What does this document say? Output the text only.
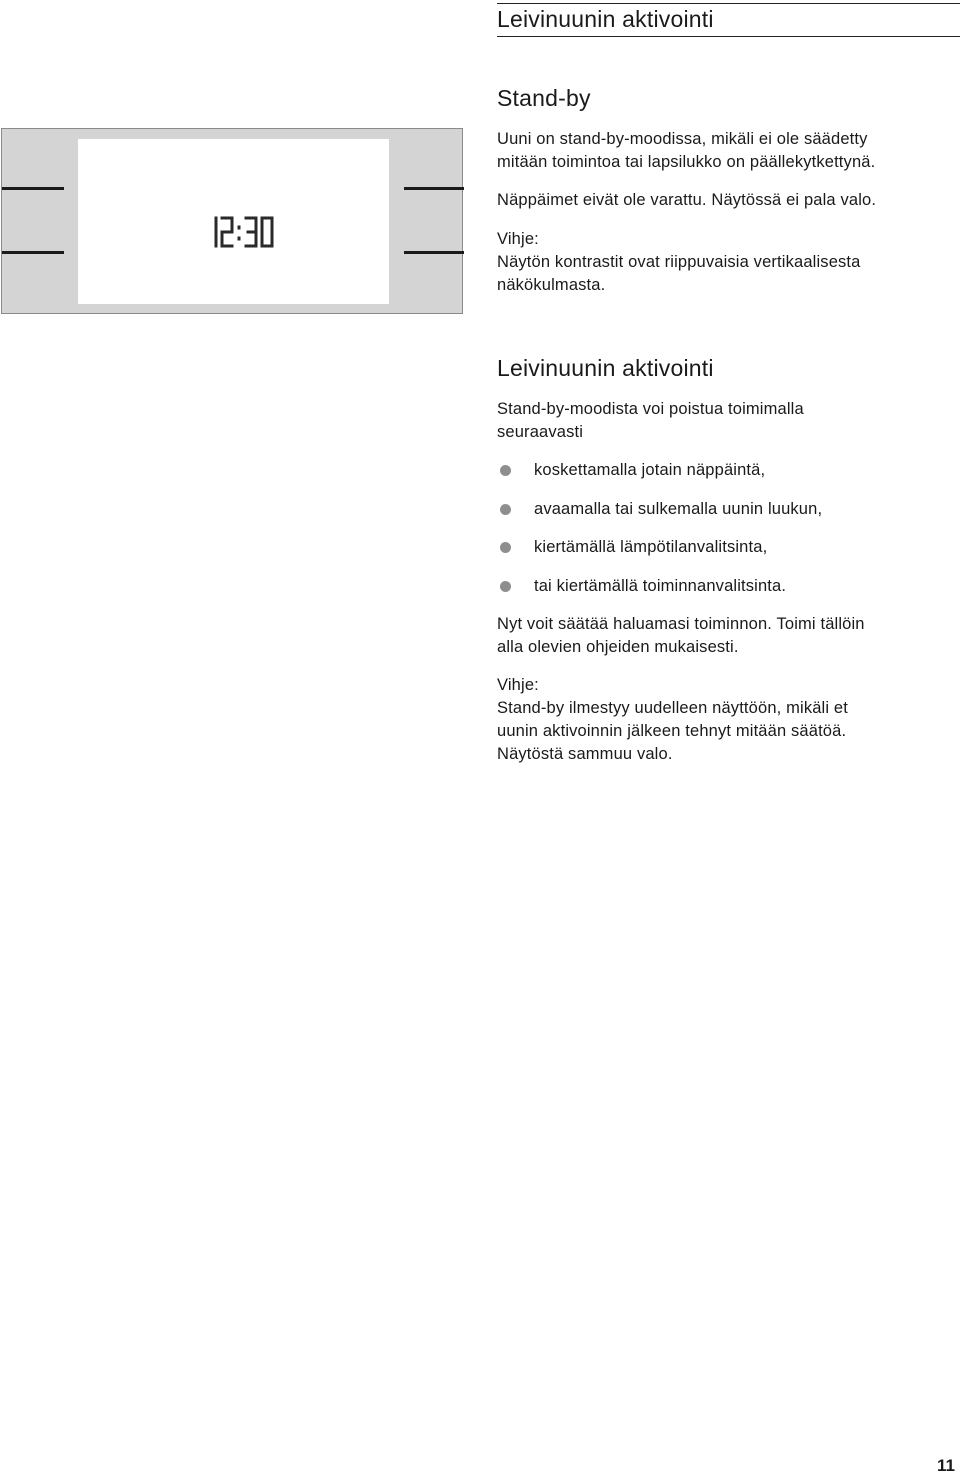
Leivinuunin aktivointi
Stand-by
Uuni on stand-by-moodissa, mikäli ei ole säädetty
mitään toimintoa tai lapsilukko on päällekytkettynä.
Näppäimet eivät ole varattu. Näytössä ei pala valo.
Vihje:
Näytön kontrastit ovat riippuvaisia vertikaalisesta
näkökulmasta.
Leivinuunin aktivointi
Stand-by-moodista voi poistua toimimalla
seuraavasti
koskettamalla jotain näppäintä,
avaamalla tai sulkemalla uunin luukun,
kiertämällä lämpötilanvalitsinta,
tai kiertämällä toiminnanvalitsinta.
Nyt voit säätää haluamasi toiminnon. Toimi tällöin
alla olevien ohjeiden mukaisesti.
Vihje:
Stand-by ilmestyy uudelleen näyttöön, mikäli et
uunin aktivoinnin jälkeen tehnyt mitään säätöä.
Näytöstä sammuu valo.
11
